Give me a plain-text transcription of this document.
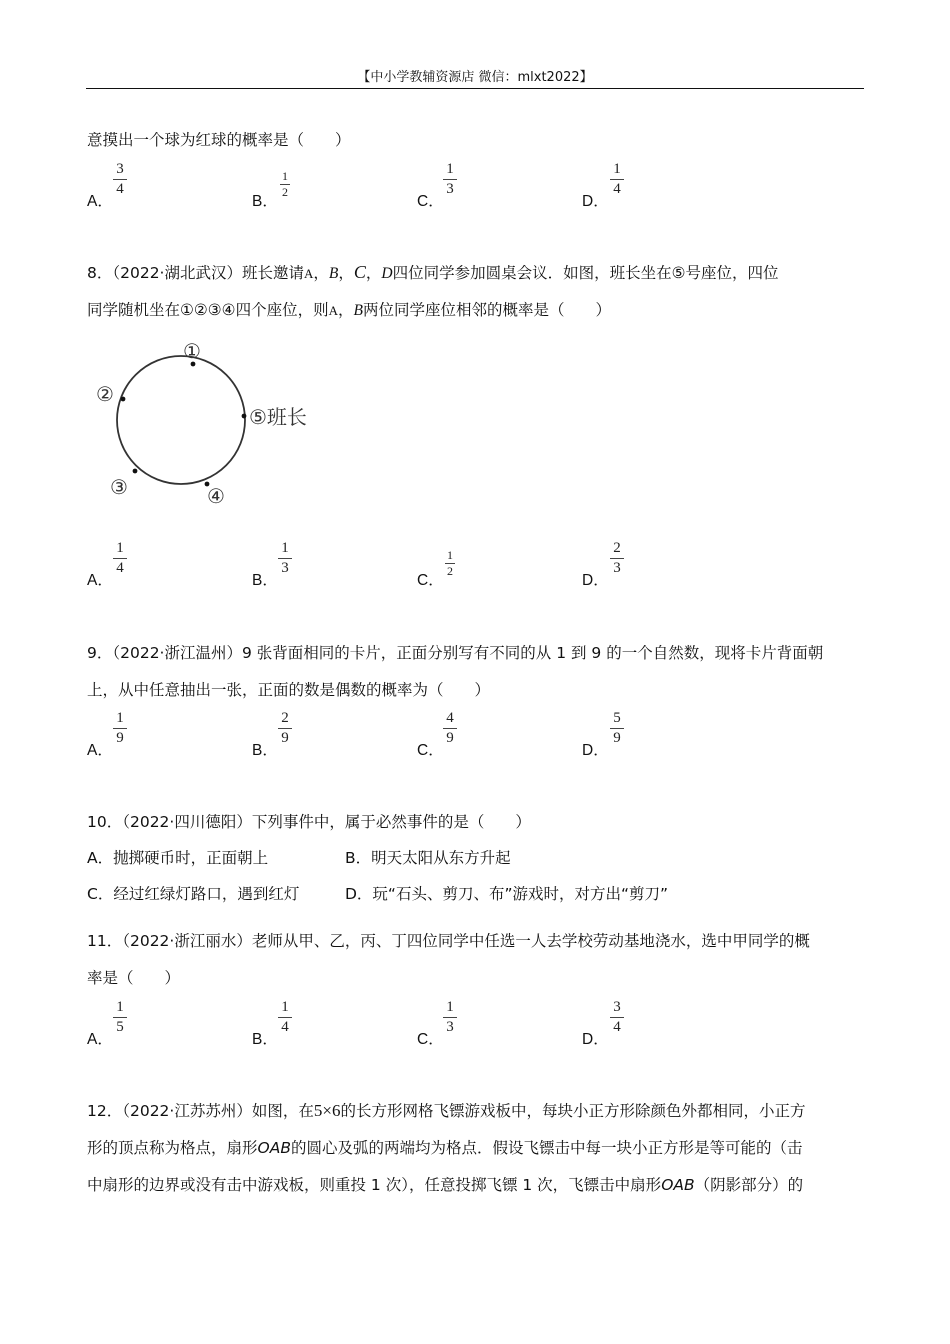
【中小学教辅资源店 微信：mlxt2022】
意摸出一个球为红球的概率是（　　）
A．
3
4
B．
1
2
C．
1
3
D．
1
4
8．（2022·湖北武汉）班长邀请A，B，C，D四位同学参加圆桌会议．如图，班长坐在⑤号座位，四位
同学随机坐在①②③④四个座位，则A，B两位同学座位相邻的概率是（　　）
①
②
③	④
⑤班长
A．
1
4
B．
1
3
C．
1
2
D．
2
3
9．（2022·浙江温州）9 张背面相同的卡片，正面分别写有不同的从 1 到 9 的一个自然数，现将卡片背面朝
上，从中任意抽出一张，正面的数是偶数的概率为（　　）
A．
1
9
B．
2
9
C．
4
9
D．
5
9
10．（2022·四川德阳）下列事件中，属于必然事件的是（　　）
A．抛掷硬币时，正面朝上	B．明天太阳从东方升起
C．经过红绿灯路口，遇到红灯	D．玩“石头、剪刀、布”游戏时，对方出“剪刀”
11．（2022·浙江丽水）老师从甲、乙，丙、丁四位同学中任选一人去学校劳动基地浇水，选中甲同学的概
率是（　　）
A．
1
5
B．
1
4
C．
1
3
D．
3
4
12．（2022·江苏苏州）如图，在5×6的长方形网格飞镖游戏板中，每块小正方形除颜色外都相同，小正方
形的顶点称为格点，扇形OAB的圆心及弧的两端均为格点．假设飞镖击中每一块小正方形是等可能的（击
中扇形的边界或没有击中游戏板，则重投 1 次），任意投掷飞镖 1 次，飞镖击中扇形OAB（阴影部分）的
